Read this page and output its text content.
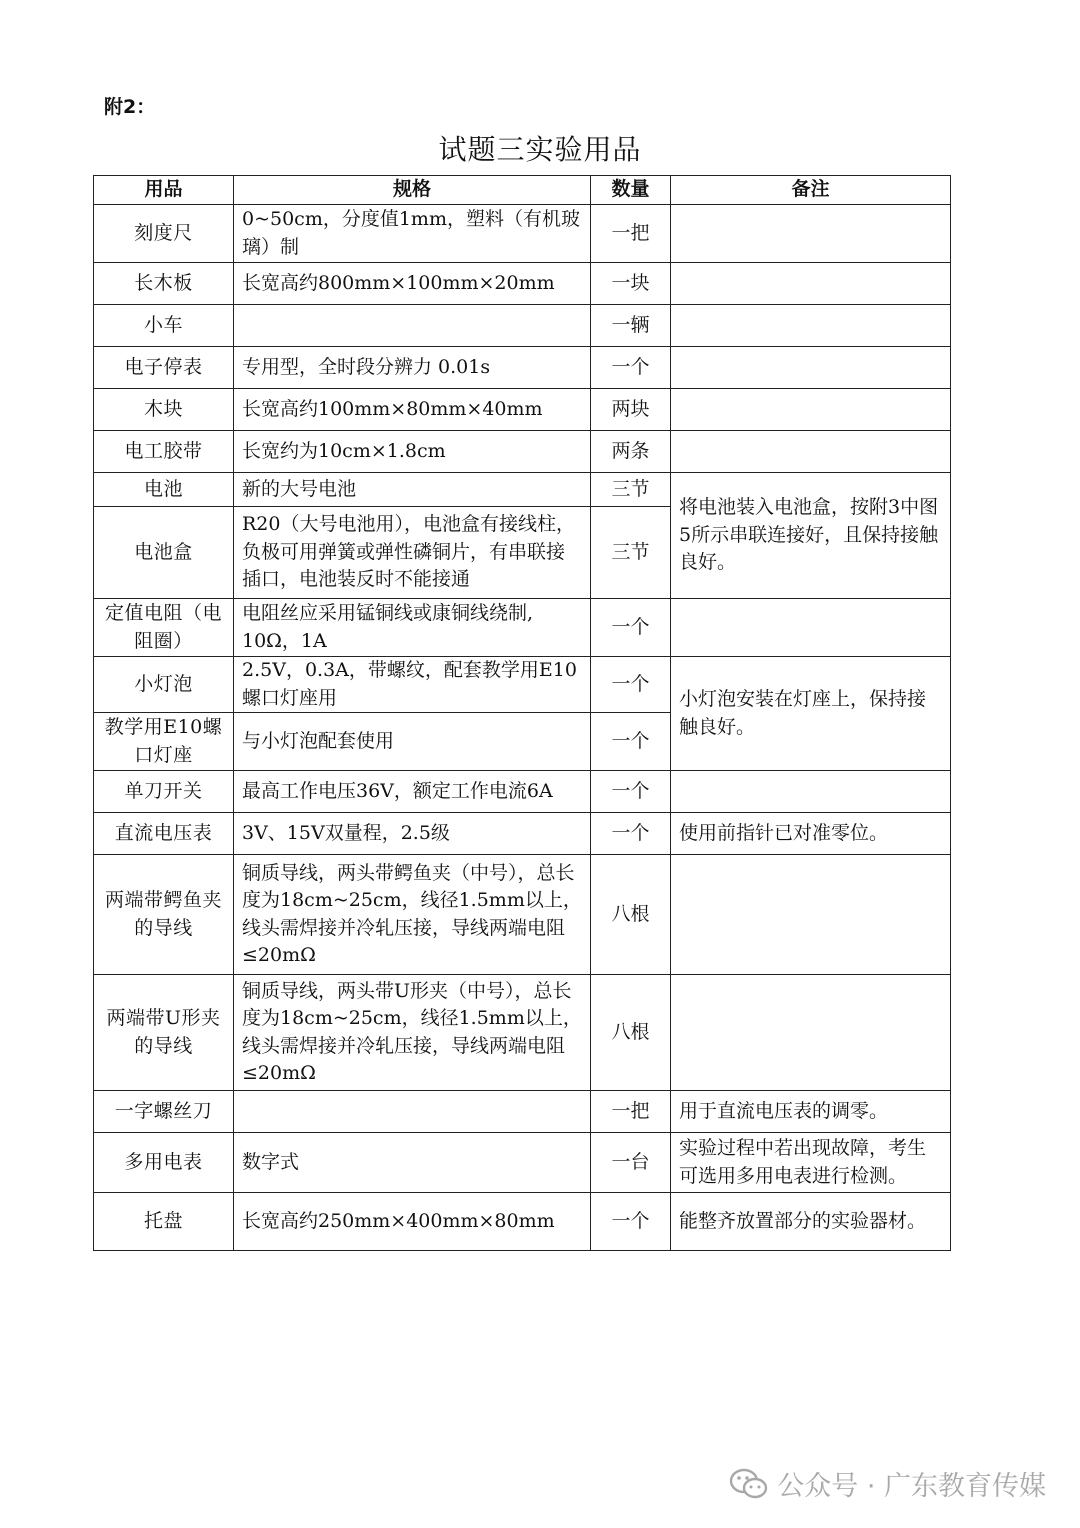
附2：
试题三实验用品
用品	规格	数量	备注
刻度尺	0~50cm，分度值1mm，塑料（有机玻璃）制	一把	
长木板	长宽高约800mm×100mm×20mm	一块	
小车		一辆	
电子停表	专用型，全时段分辨力 0.01s	一个	
木块	长宽高约100mm×80mm×40mm	两块	
电工胶带	长宽约为10cm×1.8cm	两条	
电池	新的大号电池	三节	将电池装入电池盒，按附3中图5所示串联连接好，且保持接触良好。
电池盒	R20（大号电池用），电池盒有接线柱，负极可用弹簧或弹性磷铜片，有串联接插口，电池装反时不能接通	三节	
定值电阻（电阻圈）	电阻丝应采用锰铜线或康铜线绕制, 10Ω，1A	一个	
小灯泡	2.5V，0.3A，带螺纹，配套教学用E10螺口灯座用	一个	小灯泡安装在灯座上，保持接触良好。
教学用E10螺口灯座	与小灯泡配套使用	一个	
单刀开关	最高工作电压36V，额定工作电流6A	一个	
直流电压表	3V、15V双量程，2.5级	一个	使用前指针已对准零位。
两端带鳄鱼夹的导线	铜质导线，两头带鳄鱼夹（中号），总长度为18cm~25cm，线径1.5mm以上，线头需焊接并冷轧压接，导线两端电阻≤20mΩ	八根	
两端带U形夹的导线	铜质导线，两头带U形夹（中号），总长度为18cm~25cm，线径1.5mm以上，线头需焊接并冷轧压接，导线两端电阻≤20mΩ	八根	
一字螺丝刀		一把	用于直流电压表的调零。
多用电表	数字式	一台	实验过程中若出现故障，考生可选用多用电表进行检测。
托盘	长宽高约250mm×400mm×80mm	一个	能整齐放置部分的实验器材。
公众号 · 广东教育传媒
